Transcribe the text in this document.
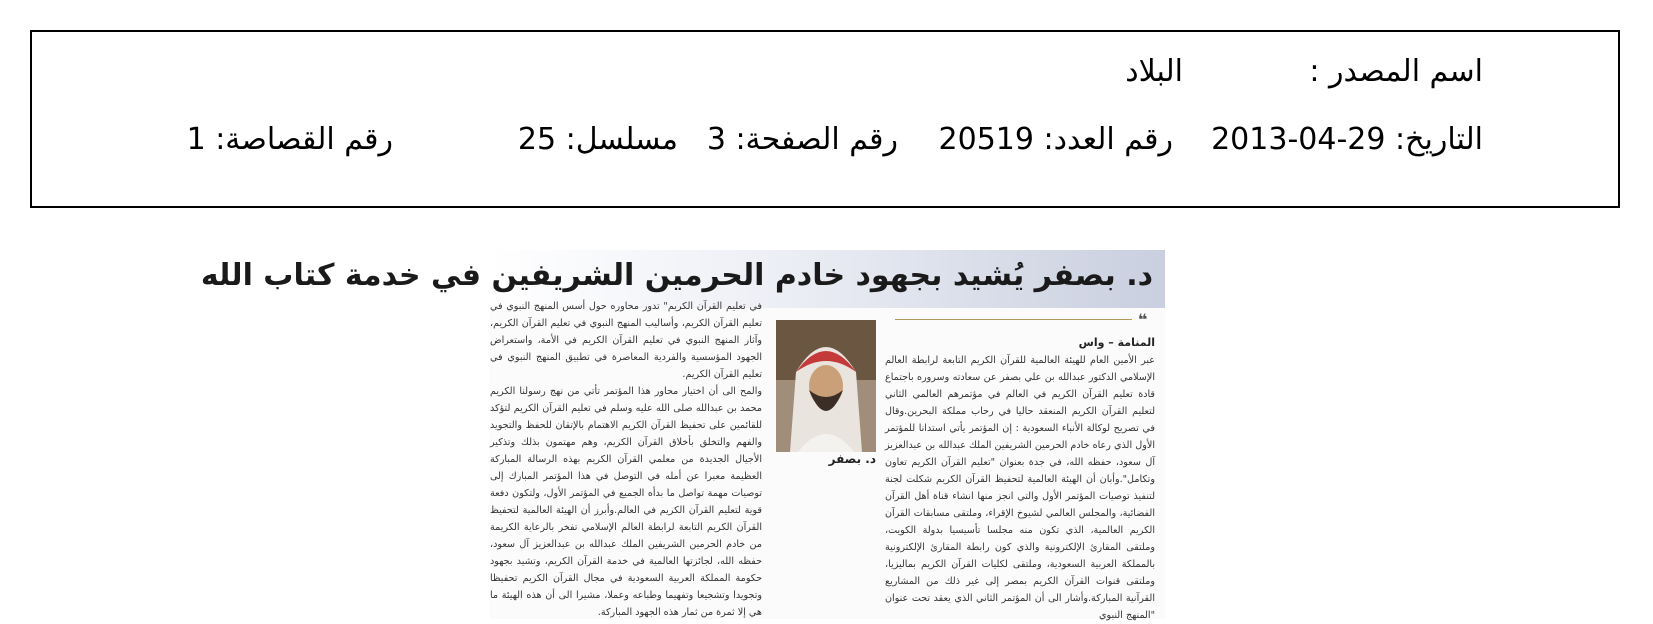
اسم المصدر :
البلاد
التاريخ: 29-04-2013
رقم العدد: 20519
رقم الصفحة: 3
مسلسل: 25
رقم القصاصة: 1
د. بصفر يُشيد بجهود خادم الحرمين الشريفين في خدمة كتاب الله
❝
المنامة – واس

عبر الأمين العام للهيئة العالمية للقرآن الكريم التابعة لرابطة العالم الإسلامي الدكتور عبدالله بن علي بصفر عن سعادته وسروره باجتماع قادة تعليم القرآن الكريم في العالم في مؤتمرهم العالمي الثاني لتعليم القرآن الكريم المنعقد حاليا في رحاب مملكة البحرين.وقال في تصريح لوكالة الأنباء السعودية : إن المؤتمر يأتي استدانا للمؤتمر الأول الذي رعاه خادم الحرمين الشريفين الملك عبدالله بن عبدالعزيز آل سعود، حفظه الله، في جدة بعنوان "تعليم القرآن الكريم تعاون وتكامل".وأبان أن الهيئة العالمية لتحفيظ القرآن الكريم شكلت لجنة لتنفيذ توصيات المؤتمر الأول والتي انجز منها انشاء قناة أهل القرآن الفضائية، والمجلس العالمي لشيوخ الإقراء، وملتقى مسابقات القرآن الكريم العالمية، الذي تكون منه مجلسا تأسيسيا بدولة الكويت، وملتقى المقارئ الإلكترونية والذي كون رابطة المقارئ الإلكترونية بالمملكة العربية السعودية، وملتقى لكليات القرآن الكريم بماليزيا، وملتقى قنوات القرآن الكريم بمصر إلى غير ذلك من المشاريع القرآنية المباركة.وأشار الى أن المؤتمر الثاني الذي يعقد تحت عنوان "المنهج النبوي

د. بصفر

في تعليم القرآن الكريم" تدور محاوره حول أسس المنهج النبوي في تعليم القرآن الكريم، وأساليب المنهج النبوي في تعليم القرآن الكريم، وآثار المنهج النبوي في تعليم القرآن الكريم في الأمة، واستعراض الجهود المؤسسية والفردية المعاصرة في تطبيق المنهج النبوي في تعليم القرآن الكريم.

والمح الى أن اختيار محاور هذا المؤتمر تأتي من نهج رسولنا الكريم محمد بن عبدالله صلى الله عليه وسلم في تعليم القرآن الكريم لتؤكد للقائمين على تحفيظ القرآن الكريم الاهتمام بالإتقان للحفظ والتجويد والفهم والتخلق بأخلاق القرآن الكريم، وهم مهتمون بذلك وتذكير الأجيال الجديدة من معلمي القرآن الكريم بهذه الرسالة المباركة العظيمة معبرا عن أمله في التوصل في هذا المؤتمر المبارك إلى توصيات مهمة تواصل ما بدأه الجميع في المؤتمر الأول، ولتكون دفعة قوية لتعليم القرآن الكريم في العالم.وأبرز أن الهيئة العالمية لتحفيظ القرآن الكريم التابعة لرابطة العالم الإسلامي تفخر بالرعاية الكريمة من خادم الحرمين الشريفين الملك عبدالله بن عبدالعزيز آل سعود، حفظه الله، لجائزتها العالمية في خدمة القرآن الكريم، وتشيد بجهود حكومة المملكة العربية السعودية في مجال القرآن الكريم تحفيظا وتجويدا وتشجيعا وتفهيما وطباعه وعملا، مشيرا الى أن هذه الهيئة ما هي إلا ثمرة من ثمار هذه الجهود المباركة.
